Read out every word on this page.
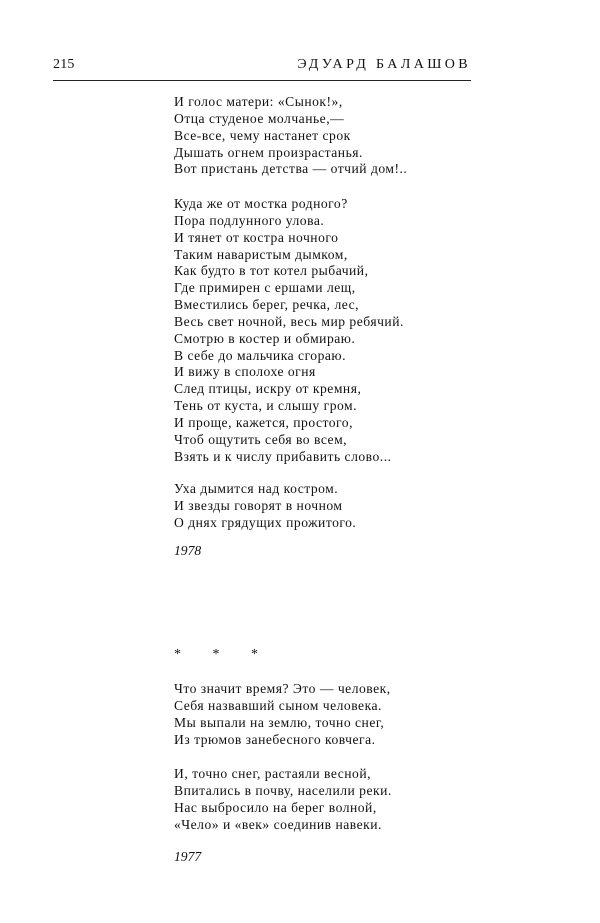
215	ЭДУАРД БАЛАШОВ
И голос матери: «Сынок!»,
Отца студеное молчанье,—
Все-все, чему настанет срок
Дышать огнем произрастанья.
Вот пристань детства — отчий дом!..
Куда же от мостка родного?
Пора подлунного улова.
И тянет от костра ночного
Таким наваристым дымком,
Как будто в тот котел рыбачий,
Где примирен с ершами лещ,
Вместились берег, речка, лес,
Весь свет ночной, весь мир ребячий.
Смотрю в костер и обмираю.
В себе до мальчика сгораю.
И вижу в сполохе огня
След птицы, искру от кремня,
Тень от куста, и слышу гром.
И проще, кажется, простого,
Чтоб ощутить себя во всем,
Взять и к числу прибавить слово...
Уха дымится над костром.
И звезды говорят в ночном
О днях грядущих прожитого.
1978
* * *
Что значит время? Это — человек,
Себя назвавший сыном человека.
Мы выпали на землю, точно снег,
Из трюмов занебесного ковчега.
И, точно снег, растаяли весной,
Впитались в почву, населили реки.
Нас выбросило на берег волной,
«Чело» и «век» соединив навеки.
1977
